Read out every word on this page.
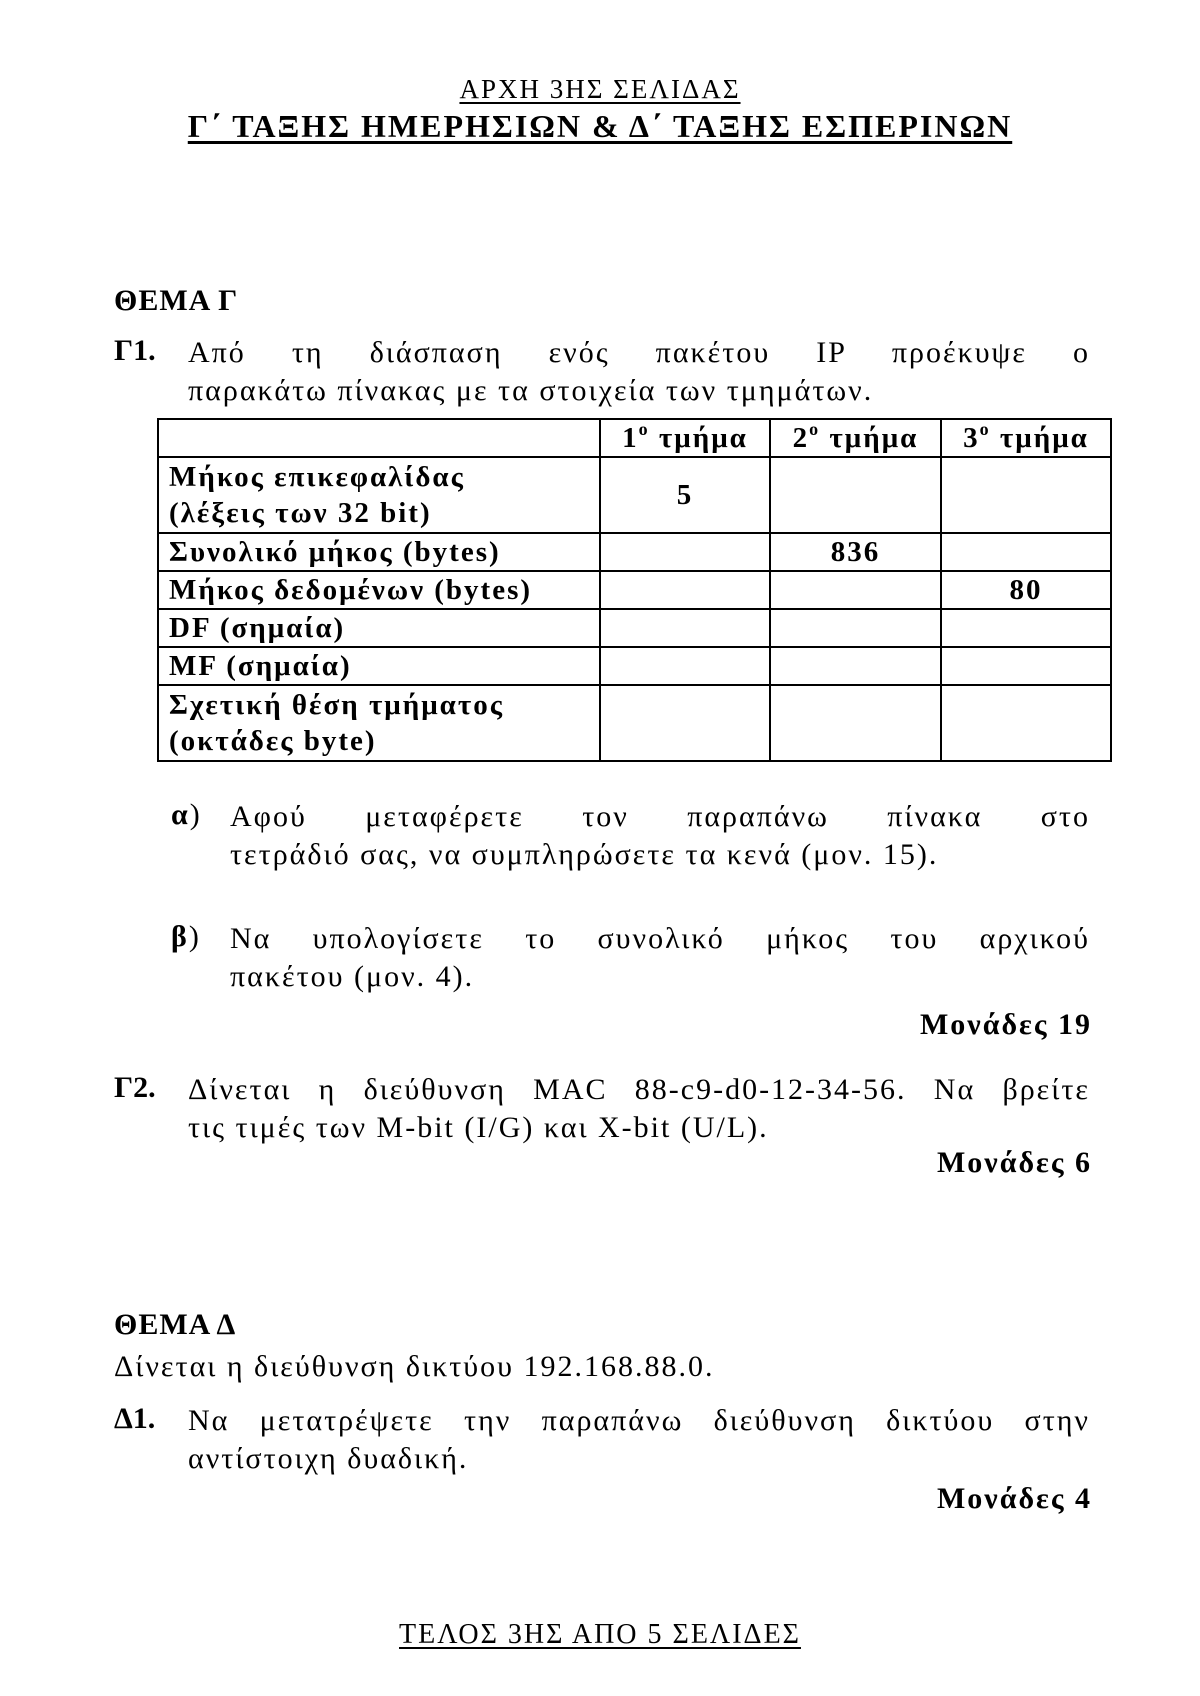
ΑΡΧΗ 3ΗΣ ΣΕΛΙΔΑΣ
Γ΄ ΤΑΞΗΣ ΗΜΕΡΗΣΙΩΝ & Δ΄ ΤΑΞΗΣ ΕΣΠΕΡΙΝΩΝ
ΘΕΜΑ Γ
Γ1. Από τη διάσπαση ενός πακέτου IP προέκυψε ο
παρακάτω πίνακας με τα στοιχεία των τμημάτων.
	$1^o$ τμήμα	$2^o$ τμήμα	$3^o$ τμήμα
Μήκος επικεφαλίδας
(λέξεις των 32 bit)	5		
Συνολικό μήκος (bytes)		836	
Μήκος δεδομένων (bytes)			80
DF (σημαία)			
MF (σημαία)			
Σχετική θέση τμήματος
(οκτάδες byte)			
α) Αφού μεταφέρετε τον παραπάνω πίνακα στο
τετράδιό σας, να συμπληρώσετε τα κενά (μον. 15).
β) Να υπολογίσετε το συνολικό μήκος του αρχικού
πακέτου (μον. 4).
Μονάδες 19
Γ2. Δίνεται η διεύθυνση MAC 88-c9-d0-12-34-56. Να βρείτε
τις τιμές των M-bit (I/G) και X-bit (U/L).
Μονάδες 6
ΘΕΜΑ Δ
Δίνεται η διεύθυνση δικτύου 192.168.88.0.
Δ1. Να μετατρέψετε την παραπάνω διεύθυνση δικτύου στην
αντίστοιχη δυαδική.
Μονάδες 4
ΤΕΛΟΣ 3ΗΣ ΑΠΟ 5 ΣΕΛΙΔΕΣ
